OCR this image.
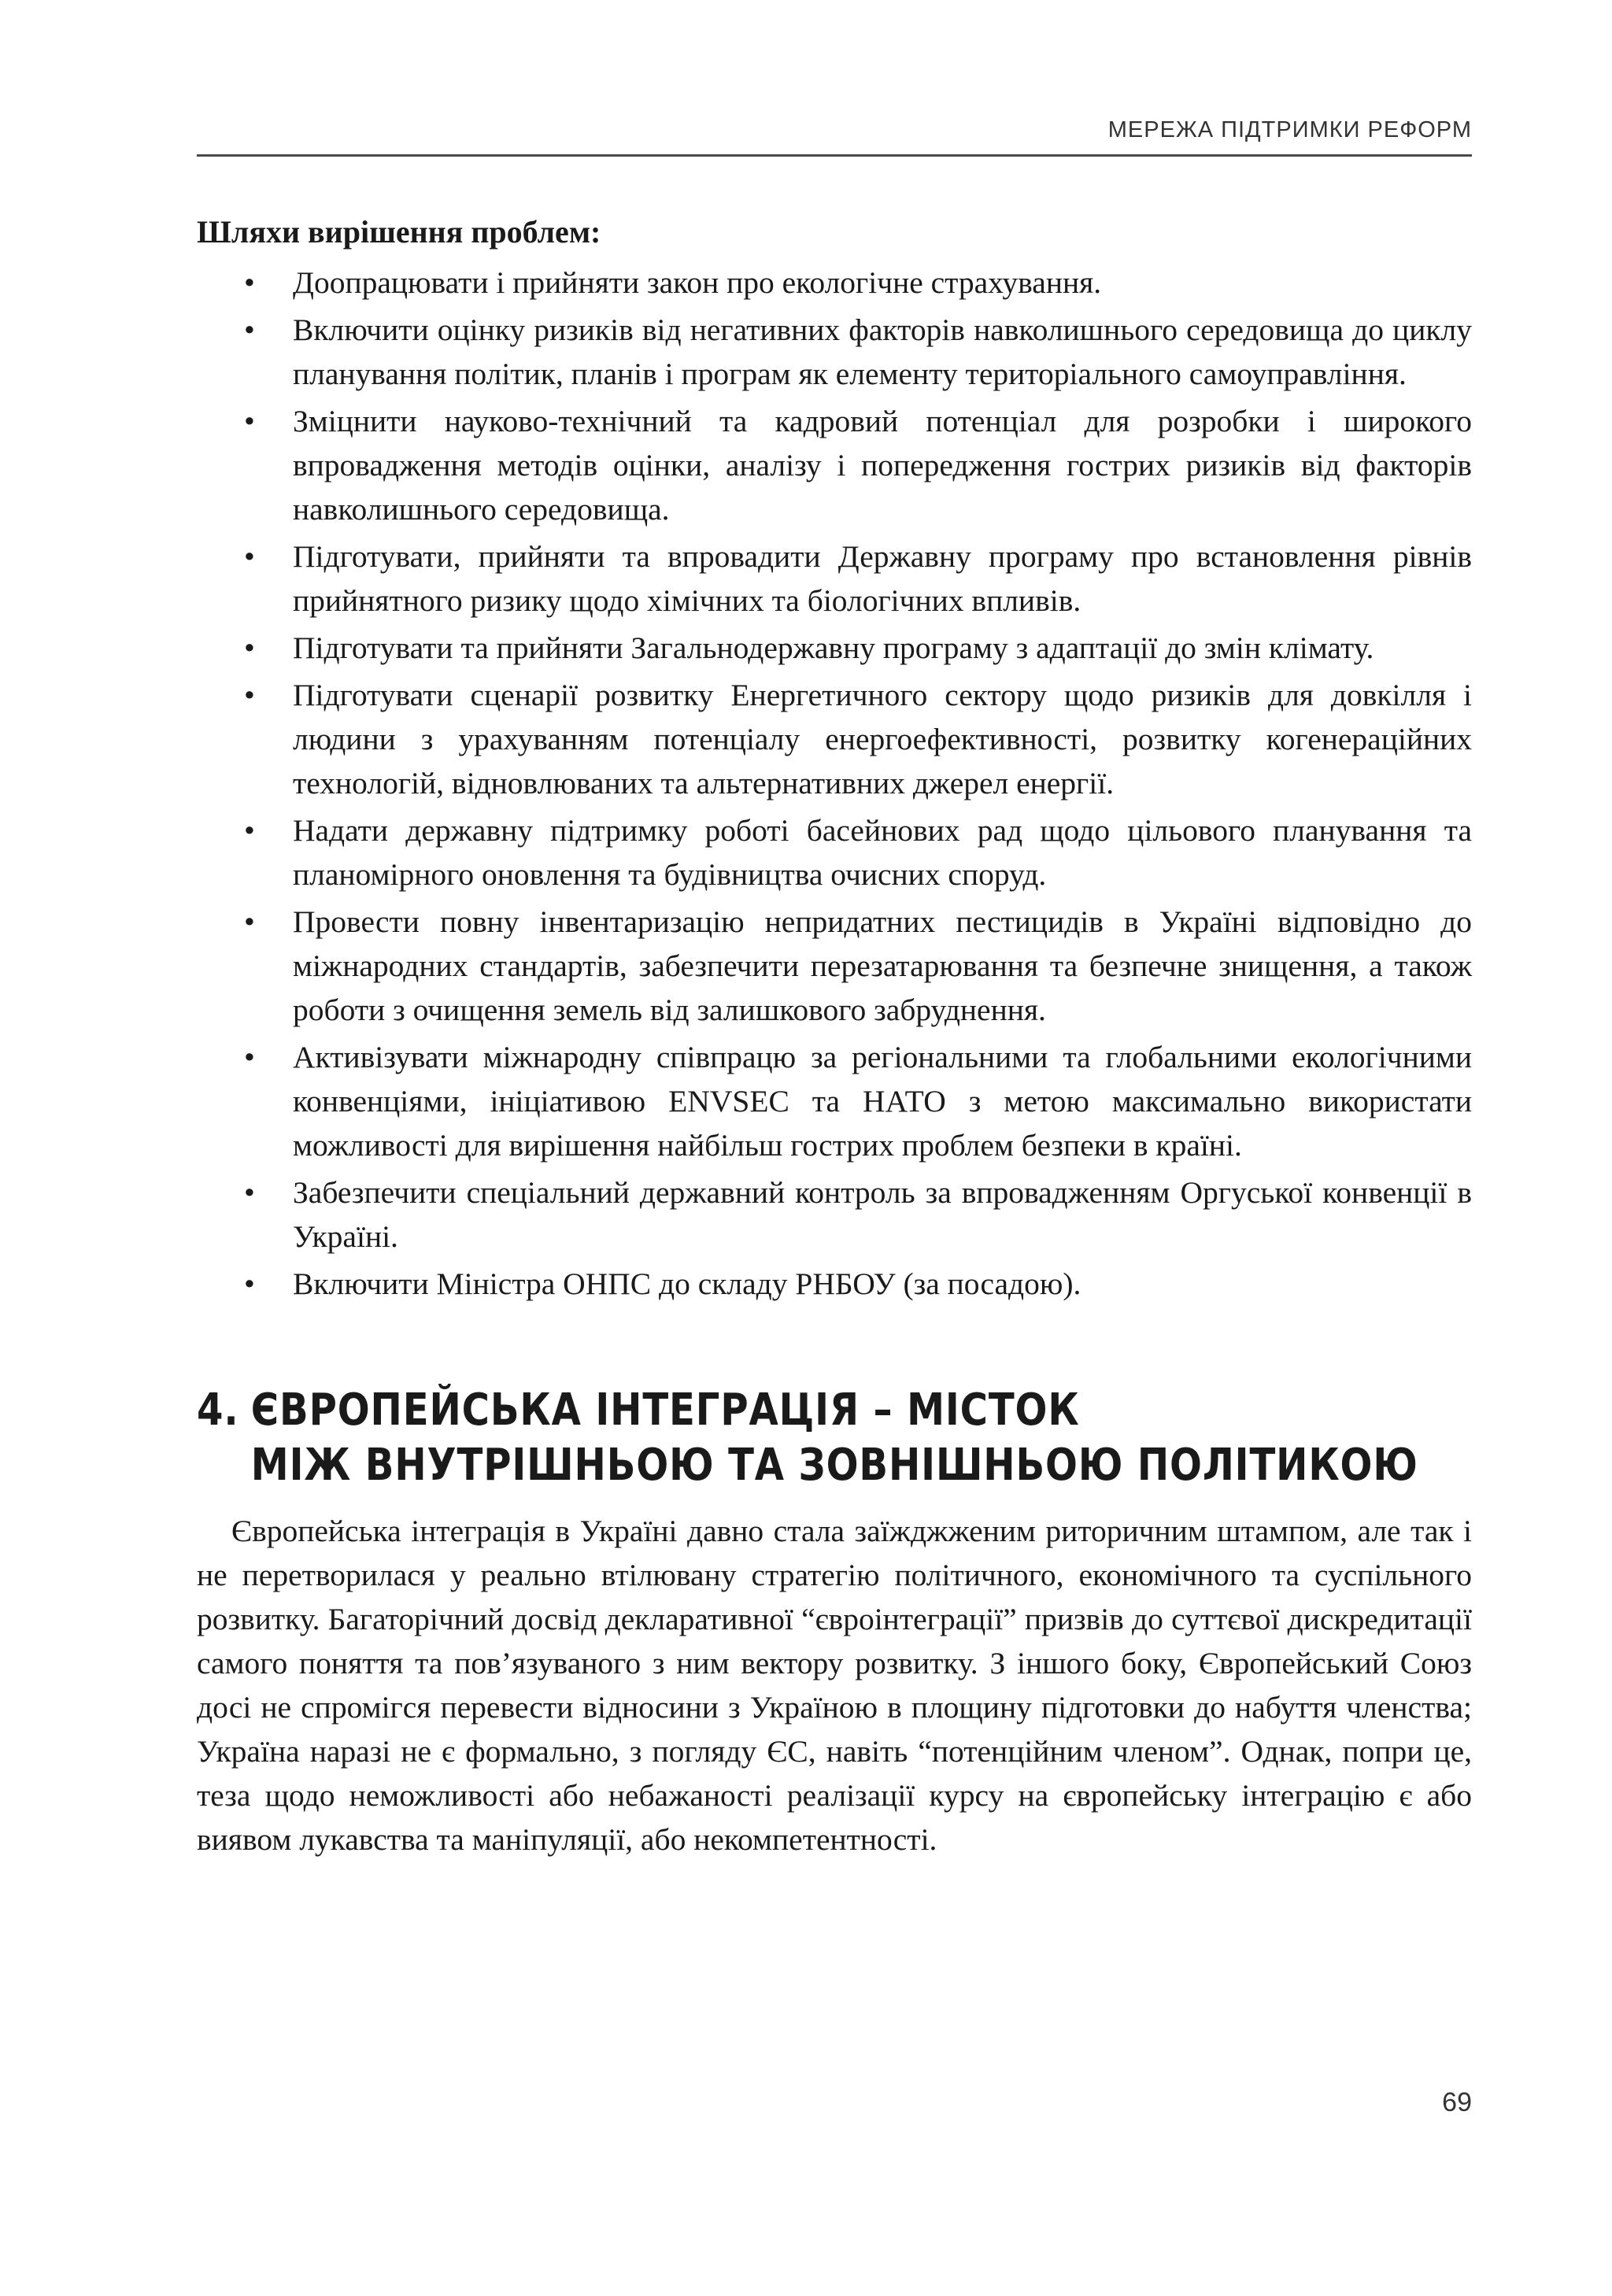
МЕРЕЖА ПІДТРИМКИ РЕФОРМ
Шляхи вирішення проблем:
• Доопрацювати і прийняти закон про екологічне страхування.
• Включити оцінку ризиків від негативних факторів навколишнього середовища до циклу планування політик, планів і програм як елементу територіального самоуправління.
• Зміцнити науково-технічний та кадровий потенціал для розробки і широкого впровадження методів оцінки, аналізу і попередження гострих ризиків від факторів навколишнього середовища.
• Підготувати, прийняти та впровадити Державну програму про встановлення рівнів прийнятного ризику щодо хімічних та біологічних впливів.
• Підготувати та прийняти Загальнодержавну програму з адаптації до змін клімату.
• Підготувати сценарії розвитку Енергетичного сектору щодо ризиків для довкілля і людини з урахуванням потенціалу енергоефективності, розвитку когенераційних технологій, відновлюваних та альтернативних джерел енергії.
• Надати державну підтримку роботі басейнових рад щодо цільового планування та планомірного оновлення та будівництва очисних споруд.
• Провести повну інвентаризацію непридатних пестицидів в Україні відповідно до міжнародних стандартів, забезпечити перезатарювання та безпечне знищення, а також роботи з очищення земель від залишкового забруднення.
• Активізувати міжнародну співпрацю за регіональними та глобальними екологічними конвенціями, ініціативою ENVSEC та НАТО з метою максимально використати можливості для вирішення найбільш гострих проблем безпеки в країні.
• Забезпечити спеціальний державний контроль за впровадженням Оргуської конвенції в Україні.
• Включити Міністра ОНПС до складу РНБОУ (за посадою).
4. ЄВРОПЕЙСЬКА ІНТЕГРАЦІЯ – МІСТОК
МІЖ ВНУТРІШНЬОЮ ТА ЗОВНІШНЬОЮ ПОЛІТИКОЮ

Європейська інтеграція в Україні давно стала заїжджженим риторичним штампом, але так і не перетворилася у реально втілювану стратегію політичного, економічного та суспільного розвитку. Багаторічний досвід декларативної “євроінтеграції” призвів до суттєвої дискредитації самого поняття та пов’язуваного з ним вектору розвитку. З іншого боку, Європейський Союз досі не спромігся перевести відносини з Україною в площину підготовки до набуття членства; Україна наразі не є формально, з погляду ЄС, навіть “потенційним членом”. Однак, попри це, теза щодо неможливості або небажаності реалізації курсу на європейську інтеграцію є або виявом лукавства та маніпуляції, або некомпетентності.

69
